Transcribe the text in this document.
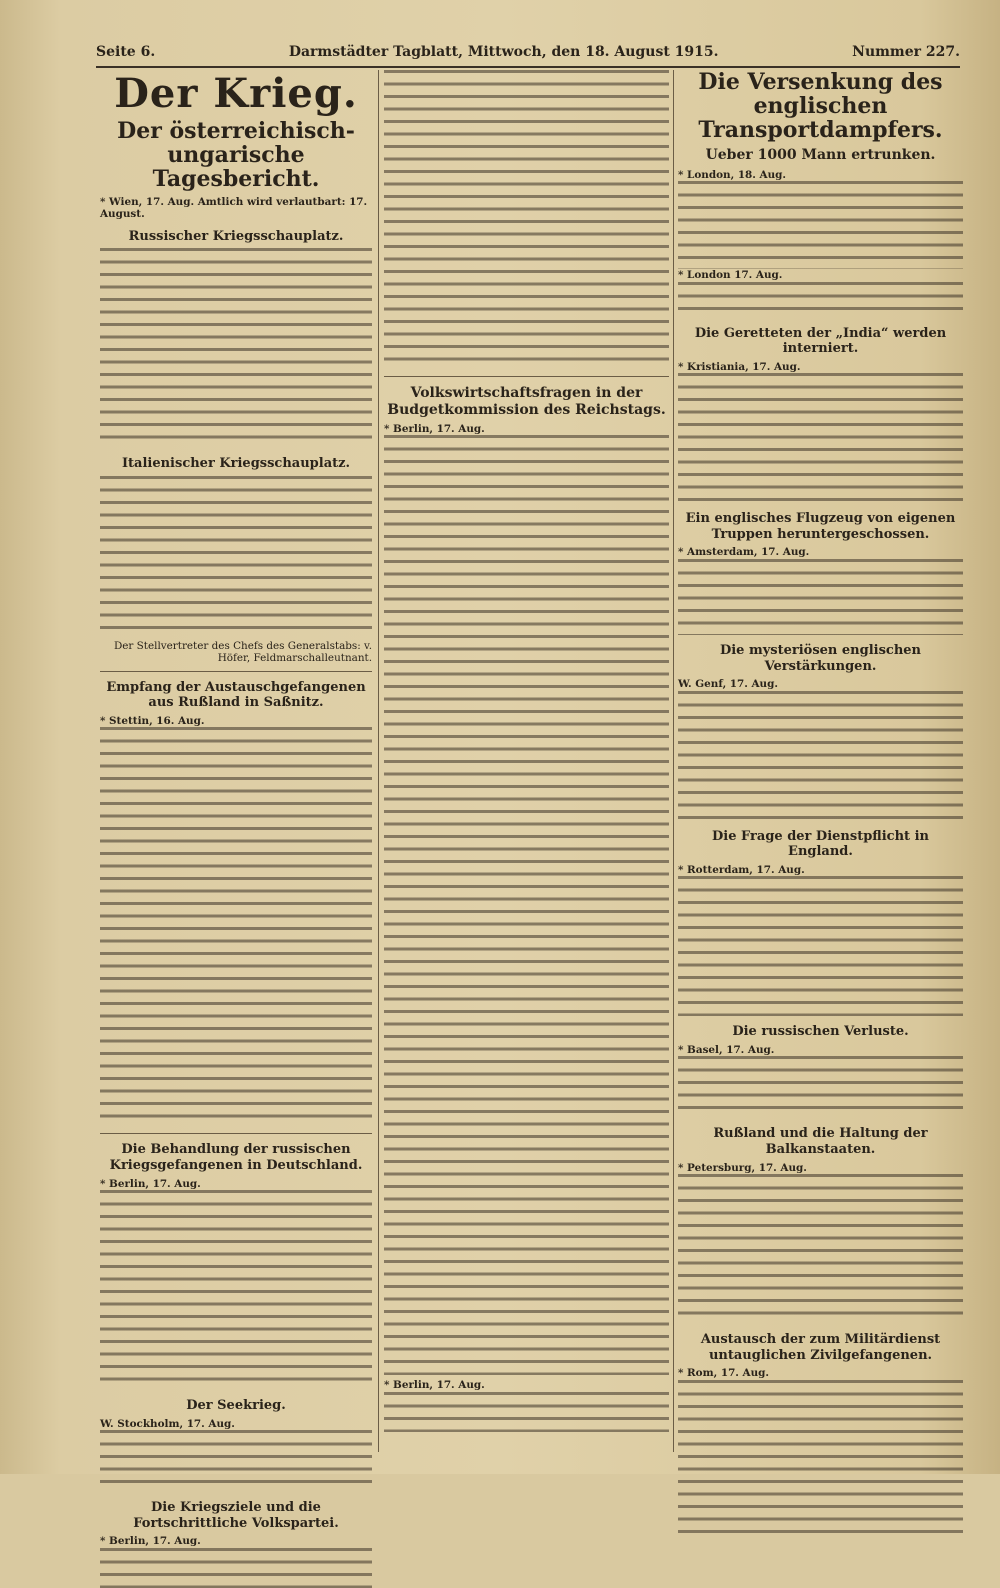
Seite 6.	Darmstädter Tagblatt, Mittwoch, den 18. August 1915.	Nummer 227.
Der Krieg.
Der österreichisch-ungarische Tagesbericht.
* Wien, 17. Aug. Amtlich wird verlautbart: 17. August.
Russischer Kriegsschauplatz.
Italienischer Kriegsschauplatz.
Der Stellvertreter des Chefs des Generalstabs: v. Höfer, Feldmarschalleutnant.
Empfang der Austauschgefangenen aus Rußland in Saßnitz.
* Stettin, 16. Aug.
Die Behandlung der russischen Kriegsgefangenen in Deutschland.
* Berlin, 17. Aug.
Der Seekrieg.
W. Stockholm, 17. Aug.
Die Kriegsziele und die Fortschrittliche Volkspartei.
* Berlin, 17. Aug.
Volkswirtschaftsfragen in der Budgetkommission des Reichstags.
* Berlin, 17. Aug.
* Berlin, 17. Aug.
Die Versenkung des englischen Transportdampfers.
Ueber 1000 Mann ertrunken.
* London, 18. Aug.
* London 17. Aug.
Die Geretteten der „India“ werden interniert.
* Kristiania, 17. Aug.
Ein englisches Flugzeug von eigenen Truppen heruntergeschossen.
* Amsterdam, 17. Aug.
Die mysteriösen englischen Verstärkungen.
W. Genf, 17. Aug.
Die Frage der Dienstpflicht in England.
* Rotterdam, 17. Aug.
Die russischen Verluste.
* Basel, 17. Aug.
Rußland und die Haltung der Balkanstaaten.
* Petersburg, 17. Aug.
Austausch der zum Militärdienst untauglichen Zivilgefangenen.
* Rom, 17. Aug.
